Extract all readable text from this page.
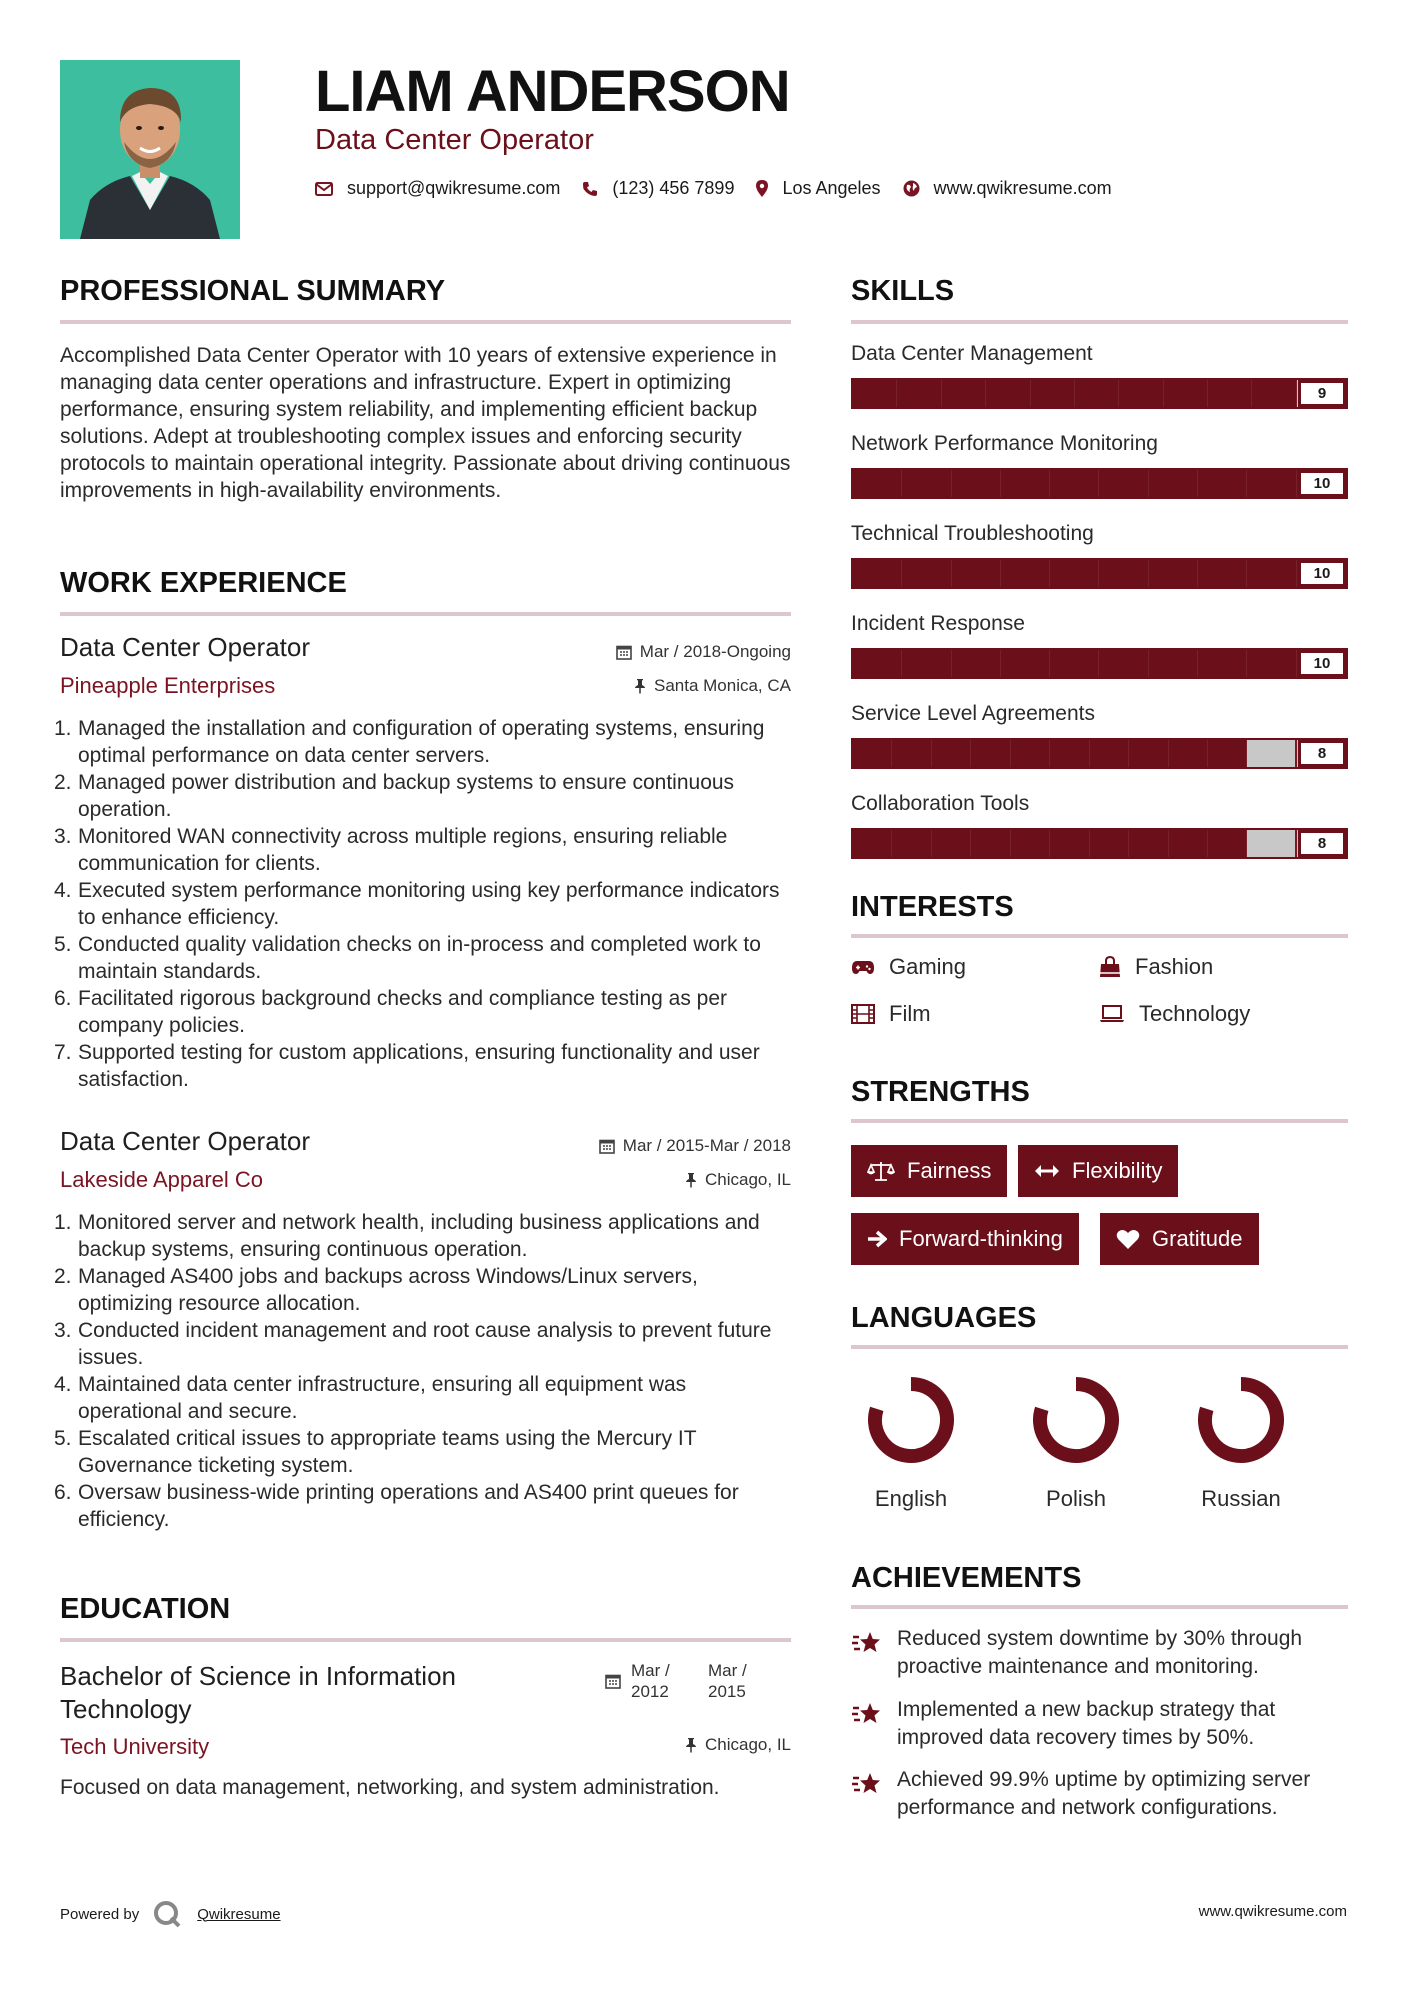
LIAM ANDERSON
Data Center Operator
support@qwikresume.com	(123) 456 7899	Los Angeles	www.qwikresume.com
PROFESSIONAL SUMMARY
Accomplished Data Center Operator with 10 years of extensive experience in managing data center operations and infrastructure. Expert in optimizing performance, ensuring system reliability, and implementing efficient backup solutions. Adept at troubleshooting complex issues and enforcing security protocols to maintain operational integrity. Passionate about driving continuous improvements in high-availability environments.
WORK EXPERIENCE
Data Center Operator
Pineapple Enterprises
Mar / 2018-Ongoing
Santa Monica, CA
1. Managed the installation and configuration of operating systems, ensuring optimal performance on data center servers.
2. Managed power distribution and backup systems to ensure continuous operation.
3. Monitored WAN connectivity across multiple regions, ensuring reliable communication for clients.
4. Executed system performance monitoring using key performance indicators to enhance efficiency.
5. Conducted quality validation checks on in-process and completed work to maintain standards.
6. Facilitated rigorous background checks and compliance testing as per company policies.
7. Supported testing for custom applications, ensuring functionality and user satisfaction.
Data Center Operator
Lakeside Apparel Co
Mar / 2015-Mar / 2018
Chicago, IL
1. Monitored server and network health, including business applications and backup systems, ensuring continuous operation.
2. Managed AS400 jobs and backups across Windows/Linux servers, optimizing resource allocation.
3. Conducted incident management and root cause analysis to prevent future issues.
4. Maintained data center infrastructure, ensuring all equipment was operational and secure.
5. Escalated critical issues to appropriate teams using the Mercury IT Governance ticketing system.
6. Oversaw business-wide printing operations and AS400 print queues for efficiency.
EDUCATION
Bachelor of Science in Information Technology
Tech University
Focused on data management, networking, and system administration.
Mar /
2012
Mar /
2015
Chicago, IL
SKILLS
Data Center Management
9
Network Performance Monitoring
10
Technical Troubleshooting
10
Incident Response
10
Service Level Agreements
8
Collaboration Tools
8
INTERESTS
Gaming	Fashion
Film	Technology
STRENGTHS
Fairness	Flexibility
Forward-thinking	Gratitude
LANGUAGES
English	Polish	Russian
ACHIEVEMENTS
Reduced system downtime by 30% through proactive maintenance and monitoring.
Implemented a new backup strategy that improved data recovery times by 50%.
Achieved 99.9% uptime by optimizing server performance and network configurations.
Powered by	Qwikresume	www.qwikresume.com
